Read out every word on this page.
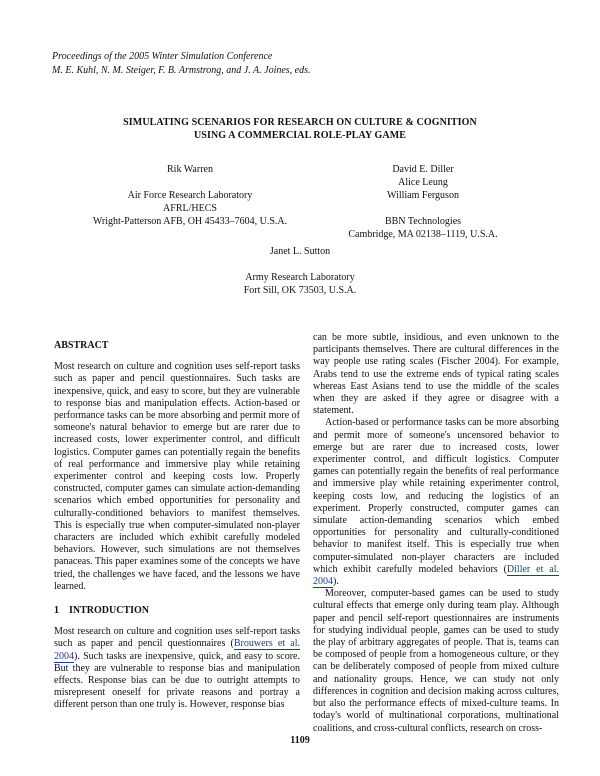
Proceedings of the 2005 Winter Simulation Conference
M. E. Kuhl, N. M. Steiger, F. B. Armstrong, and J. A. Joines, eds.
SIMULATING SCENARIOS FOR RESEARCH ON CULTURE & COGNITION
USING A COMMERCIAL ROLE-PLAY GAME
Rik Warren
Air Force Research Laboratory
AFRL/HECS
Wright-Patterson AFB, OH 45433–7604, U.S.A.
David E. Diller
Alice Leung
William Ferguson
BBN Technologies
Cambridge, MA 02138–1119, U.S.A.
Janet L. Sutton
Army Research Laboratory
Fort Sill, OK 73503, U.S.A.
ABSTRACT

Most research on culture and cognition uses self-report tasks such as paper and pencil questionnaires. Such tasks are inexpensive, quick, and easy to score, but they are vulnerable to response bias and manipulation effects. Action-based or performance tasks can be more absorbing and permit more of someone's natural behavior to emerge but are rarer due to increased costs, lower experimenter control, and difficult logistics. Computer games can potentially regain the benefits of real performance and immersive play while retaining experimenter control and keeping costs low. Properly constructed, computer games can simulate action-demanding scenarios which embed opportunities for personality and culturally-conditioned behaviors to manifest themselves. This is especially true when computer-simulated non-player characters are included which exhibit carefully modeled behaviors. However, such simulations are not themselves panaceas. This paper examines some of the concepts we have tried, the challenges we have faced, and the lessons we have learned.

1 INTRODUCTION

Most research on culture and cognition uses self-report tasks such as paper and pencil questionnaires (Brouwers et al. 2004). Such tasks are inexpensive, quick, and easy to score. But they are vulnerable to response bias and manipulation effects. Response bias can be due to outright attempts to misrepresent oneself for private reasons and portray a different person than one truly is. However, response bias

can be more subtle, insidious, and even unknown to the participants themselves. There are cultural differences in the way people use rating scales (Fischer 2004). For example, Arabs tend to use the extreme ends of typical rating scales whereas East Asians tend to use the middle of the scales when they are asked if they agree or disagree with a statement.

Action-based or performance tasks can be more absorbing and permit more of someone's uncensored behavior to emerge but are rarer due to increased costs, lower experimenter control, and difficult logistics. Computer games can potentially regain the benefits of real performance and immersive play while retaining experimenter control, keeping costs low, and reducing the logistics of an experiment. Properly constructed, computer games can simulate action-demanding scenarios which embed opportunities for personality and culturally-conditioned behavior to manifest itself. This is especially true when computer-simulated non-player characters are included which exhibit carefully modeled behaviors (Diller et al. 2004).

Moreover, computer-based games can be used to study cultural effects that emerge only during team play. Although paper and pencil self-report questionnaires are instruments for studying individual people, games can be used to study the play of arbitrary aggregates of people. That is, teams can be composed of people from a homogeneous culture, or they can be deliberately composed of people from mixed culture and nationality groups. Hence, we can study not only differences in cognition and decision making across cultures, but also the performance effects of mixed-culture teams. In today's world of multinational corporations, multinational coalitions, and cross-cultural conflicts, research on cross-

1109
